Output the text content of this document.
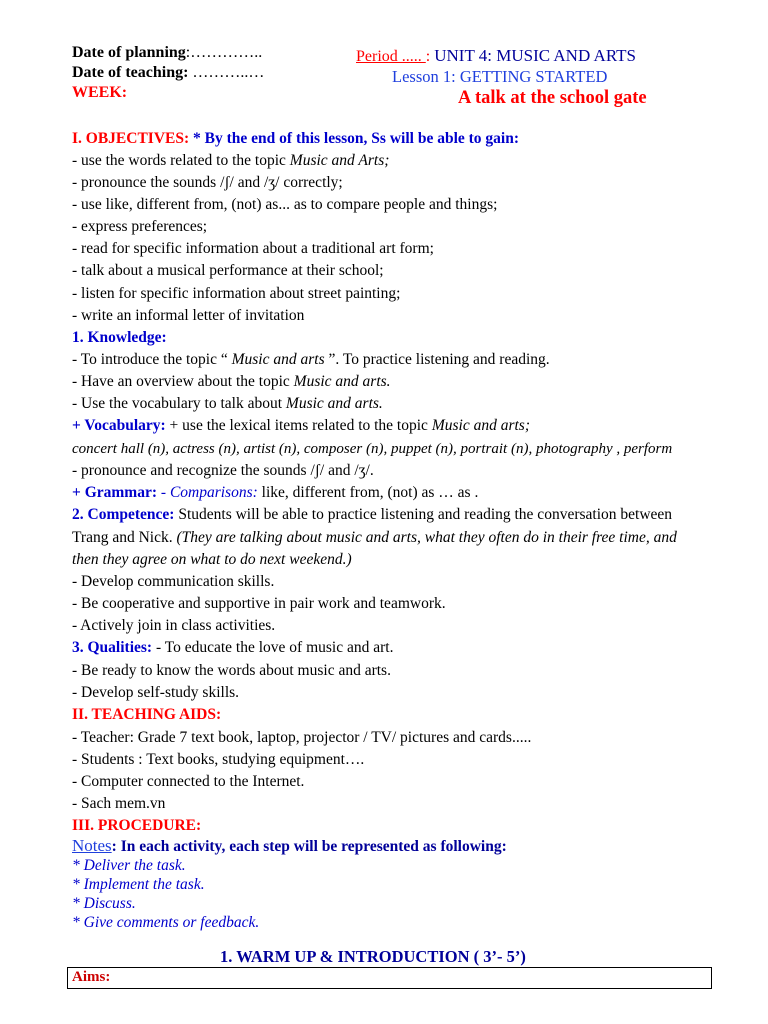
Date of planning:…………..
Date of teaching: ………..…
WEEK:
Period ..... : UNIT 4: MUSIC AND ARTS
Lesson 1: GETTING STARTED
A talk at the school gate
I. OBJECTIVES: * By the end of this lesson, Ss will be able to gain:
- use the words related to the topic Music and Arts;
- pronounce the sounds /ʃ/ and /ʒ/ correctly;
- use like, different from, (not) as... as to compare people and things;
- express preferences;
- read for specific information about a traditional art form;
- talk about a musical performance at their school;
- listen for specific information about street painting;
- write an informal letter of invitation
1. Knowledge:
- To introduce the topic “ Music and arts ”. To practice listening and reading.
- Have an overview about the topic Music and arts.
- Use the vocabulary to talk about Music and arts.
+ Vocabulary: + use the lexical items related to the topic Music and arts;
concert hall (n), actress (n), artist (n), composer (n), puppet (n), portrait (n), photography , perform
- pronounce and recognize the sounds /ʃ/ and /ʒ/.
+ Grammar: - Comparisons: like, different from, (not) as … as .
2. Competence: Students will be able to practice listening and reading the conversation between
Trang and Nick. (They are talking about music and arts, what they often do in their free time, and
then they agree on what to do next weekend.)
- Develop communication skills.
- Be cooperative and supportive in pair work and teamwork.
- Actively join in class activities.
3. Qualities: - To educate the love of music and art.
- Be ready to know the words about music and arts.
- Develop self-study skills.
II. TEACHING AIDS:
- Teacher: Grade 7 text book, laptop, projector / TV/ pictures and cards.....
- Students : Text books, studying equipment….
- Computer connected to the Internet.
- Sach mem.vn
III. PROCEDURE:
Notes: In each activity, each step will be represented as following:
* Deliver the task.
* Implement the task.
* Discuss.
* Give comments or feedback.
1. WARM UP & INTRODUCTION ( 3’- 5’)
Aims:
